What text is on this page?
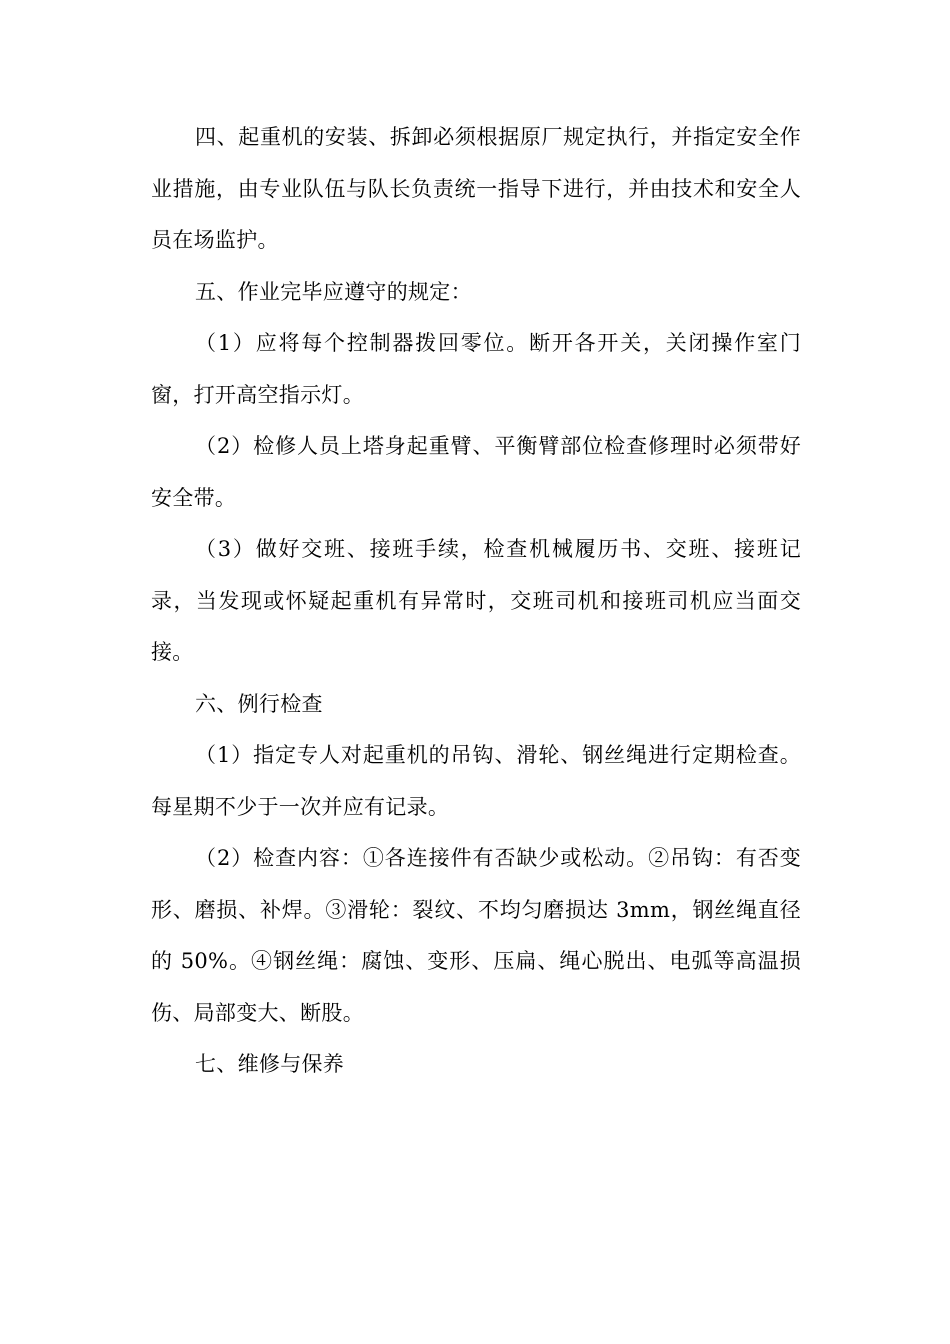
四、起重机的安装、拆卸必须根据原厂规定执行，并指定安全作业措施，由专业队伍与队长负责统一指导下进行，并由技术和安全人员在场监护。

五、作业完毕应遵守的规定：

（1）应将每个控制器拨回零位。断开各开关，关闭操作室门窗，打开高空指示灯。

（2）检修人员上塔身起重臂、平衡臂部位检查修理时必须带好安全带。

（3）做好交班、接班手续，检查机械履历书、交班、接班记录，当发现或怀疑起重机有异常时，交班司机和接班司机应当面交接。

六、例行检查

（1）指定专人对起重机的吊钩、滑轮、钢丝绳进行定期检查。每星期不少于一次并应有记录。

（2）检查内容：①各连接件有否缺少或松动。②吊钩：有否变形、磨损、补焊。③滑轮：裂纹、不均匀磨损达 3mm，钢丝绳直径的 50%。④钢丝绳：腐蚀、变形、压扁、绳心脱出、电弧等高温损伤、局部变大、断股。

七、维修与保养
